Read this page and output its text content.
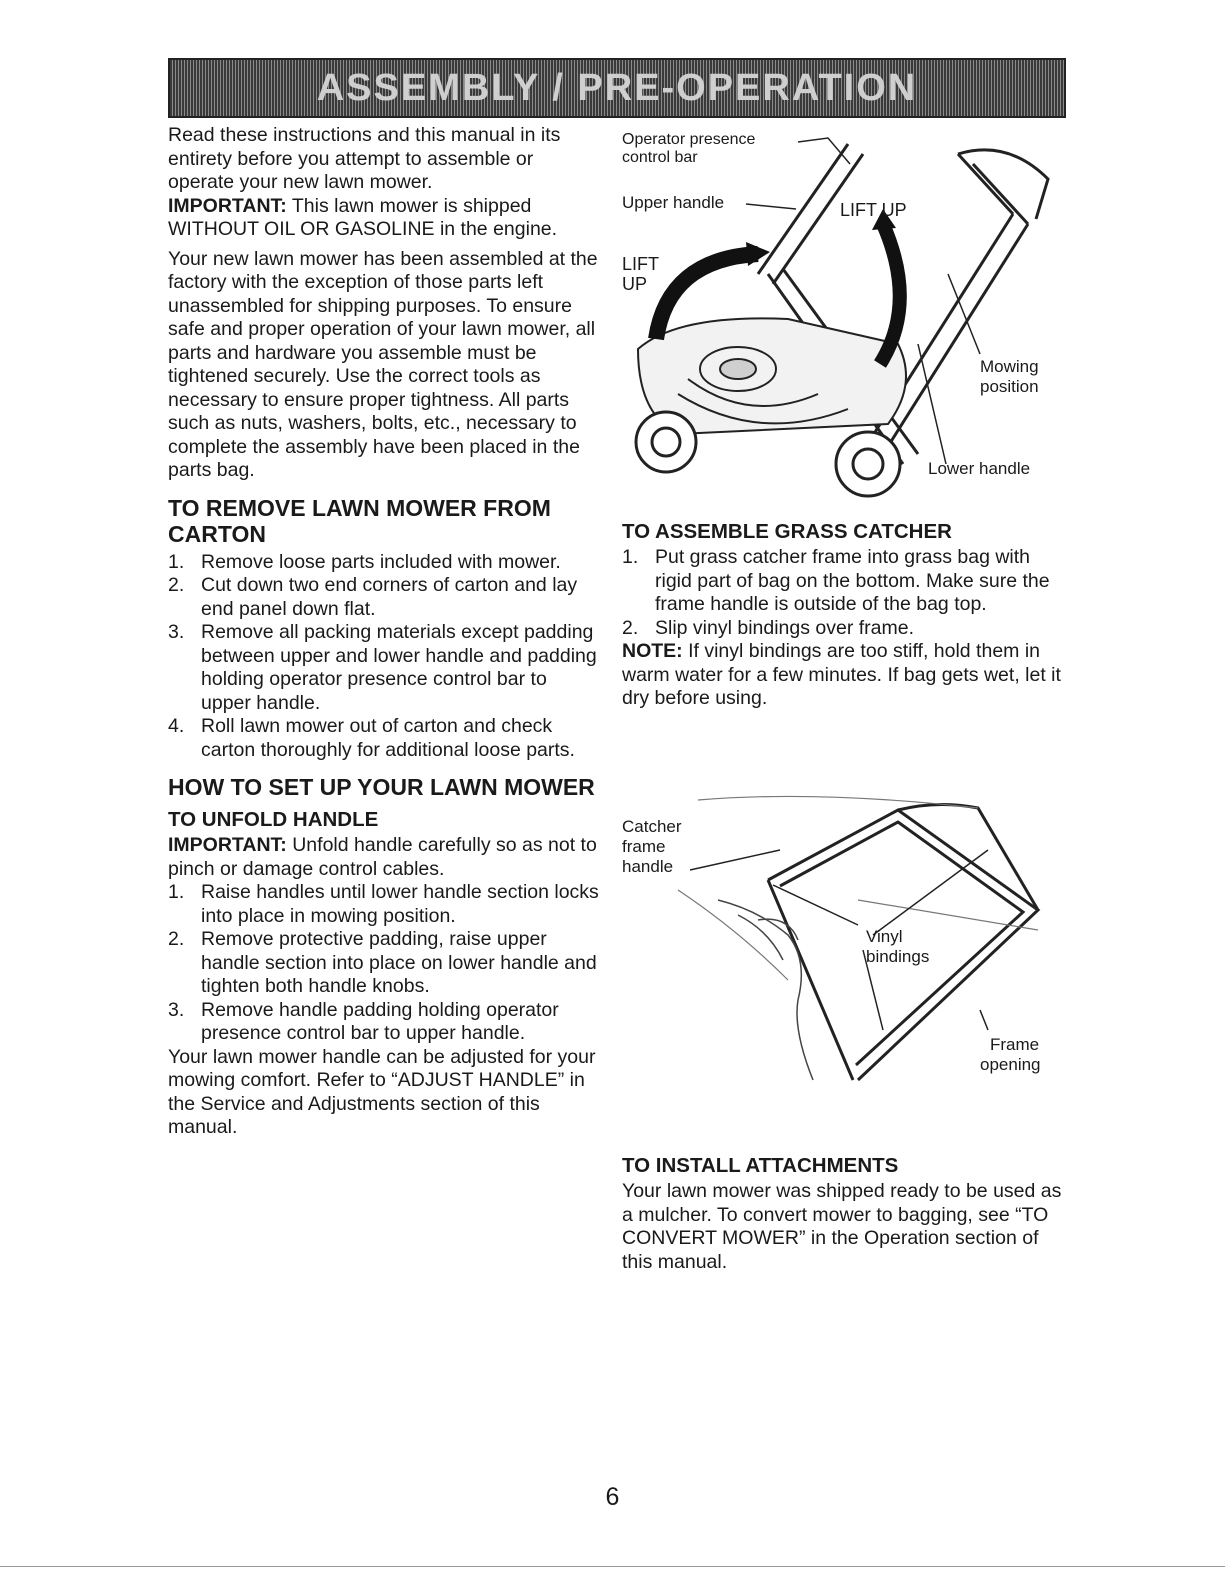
ASSEMBLY / PRE-OPERATION

Read these instructions and this manual in its entirety before you attempt to assemble or operate your new lawn mower.

IMPORTANT: This lawn mower is shipped WITHOUT OIL OR GASOLINE in the engine.

Your new lawn mower has been assembled at the factory with the exception of those parts left unassembled for shipping purposes. To ensure safe and proper operation of your lawn mower, all parts and hardware you assemble must be tightened securely. Use the correct tools as necessary to ensure proper tightness. All parts such as nuts, washers, bolts, etc., necessary to complete the assembly have been placed in the parts bag.

TO REMOVE LAWN MOWER FROM CARTON
1. Remove loose parts included with mower.
2. Cut down two end corners of carton and lay end panel down flat.
3. Remove all packing materials except padding between upper and lower handle and padding holding operator presence control bar to upper handle.
4. Roll lawn mower out of carton and check carton thoroughly for additional loose parts.
HOW TO SET UP YOUR LAWN MOWER
TO UNFOLD HANDLE

IMPORTANT: Unfold handle carefully so as not to pinch or damage control cables.

1. Raise handles until lower handle section locks into place in mowing position.
2. Remove protective padding, raise upper handle section into place on lower handle and tighten both handle knobs.
3. Remove handle padding holding operator presence control bar to upper handle.

Your lawn mower handle can be adjusted for your mowing comfort. Refer to “ADJUST HANDLE” in the Service and Adjustments section of this manual.

Operator presence
control bar
Upper handle	LIFT UP
LIFT
UP
Mowing
position
Lower handle
TO ASSEMBLE GRASS CATCHER
1. Put grass catcher frame into grass bag with rigid part of bag on the bottom. Make sure the frame handle is outside of the bag top.
2. Slip vinyl bindings over frame.

NOTE: If vinyl bindings are too stiff, hold them in warm water for a few minutes. If bag gets wet, let it dry before using.

Catcher
frame
handle
Vinyl
bindings
Frame
opening
TO INSTALL ATTACHMENTS

Your lawn mower was shipped ready to be used as a mulcher. To convert mower to bagging, see “TO CONVERT MOWER” in the Operation section of this manual.

6
